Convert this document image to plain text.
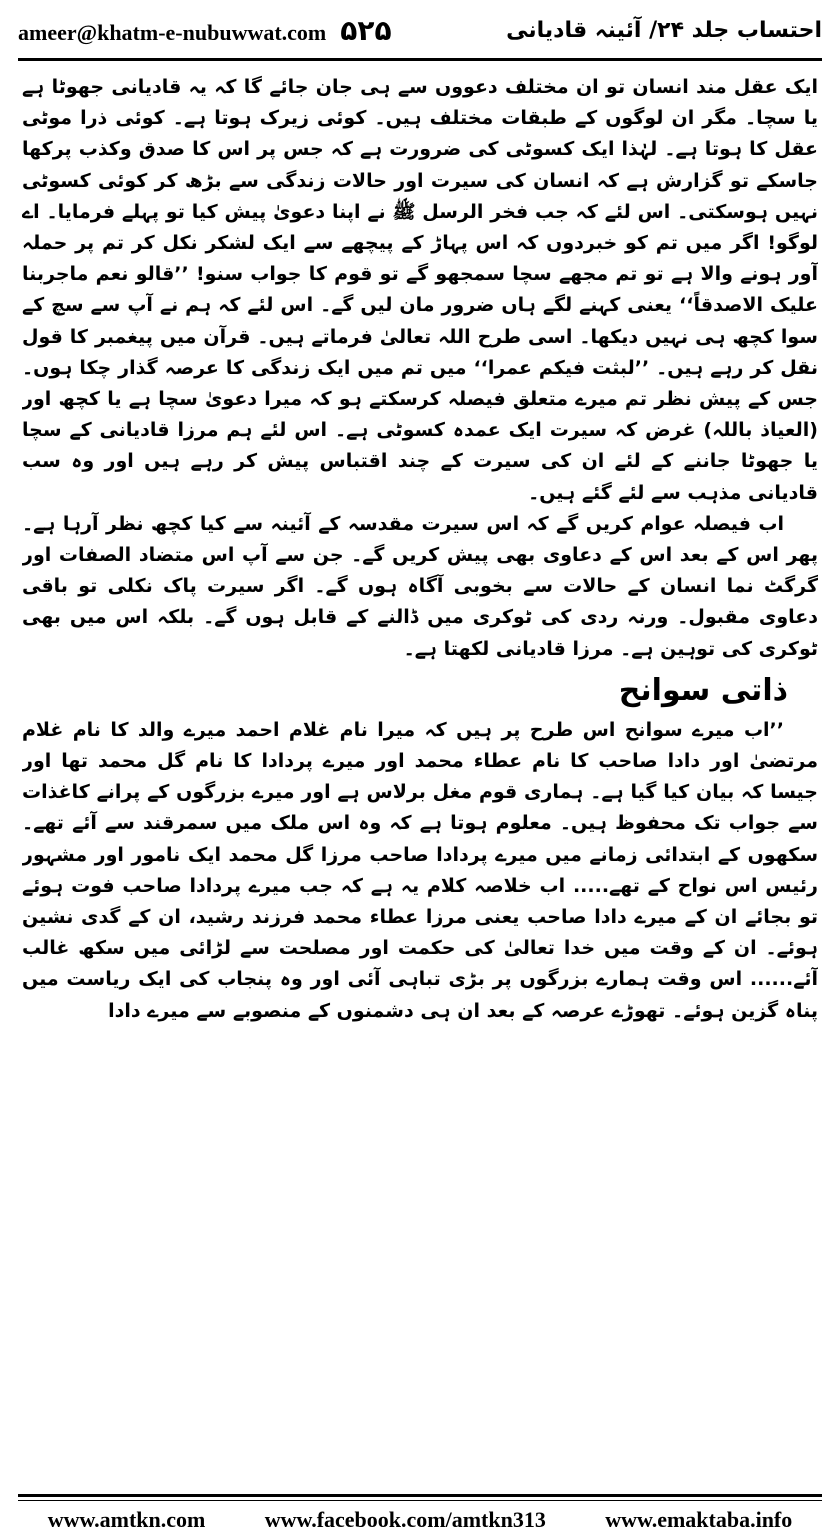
ameer@khatm-e-nubuwwat.com ۵۲۵	احتساب جلد ۲۴/ آئینہ قادیانی

ایک عقل مند انسان تو ان مختلف دعووں سے ہی جان جائے گا کہ یہ قادیانی جھوٹا ہے یا سچا۔ مگر ان لوگوں کے طبقات مختلف ہیں۔ کوئی زیرک ہوتا ہے۔ کوئی ذرا موٹی عقل کا ہوتا ہے۔ لہٰذا ایک کسوٹی کی ضرورت ہے کہ جس پر اس کا صدق وکذب پرکھا جاسکے تو گزارش ہے کہ انسان کی سیرت اور حالات زندگی سے بڑھ کر کوئی کسوٹی نہیں ہوسکتی۔ اس لئے کہ جب فخر الرسل ﷺ نے اپنا دعویٰ پیش کیا تو پہلے فرمایا۔ اے لوگو! اگر میں تم کو خبردوں کہ اس پہاڑ کے پیچھے سے ایک لشکر نکل کر تم پر حملہ آور ہونے والا ہے تو تم مجھے سچا سمجھو گے تو قوم کا جواب سنو! ’’قالو نعم ماجربنا علیک الاصدقاً‘‘ یعنی کہنے لگے ہاں ضرور مان لیں گے۔ اس لئے کہ ہم نے آپ سے سچ کے سوا کچھ ہی نہیں دیکھا۔ اسی طرح اللہ تعالیٰ فرماتے ہیں۔ قرآن میں پیغمبر کا قول نقل کر رہے ہیں۔ ’’لبثت فیکم عمرا‘‘ میں تم میں ایک زندگی کا عرصہ گذار چکا ہوں۔ جس کے پیش نظر تم میرے متعلق فیصلہ کرسکتے ہو کہ میرا دعویٰ سچا ہے یا کچھ اور (العیاذ باللہ) غرض کہ سیرت ایک عمدہ کسوٹی ہے۔ اس لئے ہم مرزا قادیانی کے سچا یا جھوٹا جاننے کے لئے ان کی سیرت کے چند اقتباس پیش کر رہے ہیں اور وہ سب قادیانی مذہب سے لئے گئے ہیں۔

اب فیصلہ عوام کریں گے کہ اس سیرت مقدسہ کے آئینہ سے کیا کچھ نظر آرہا ہے۔ پھر اس کے بعد اس کے دعاوی بھی پیش کریں گے۔ جن سے آپ اس متضاد الصفات اور گرگٹ نما انسان کے حالات سے بخوبی آگاہ ہوں گے۔ اگر سیرت پاک نکلی تو باقی دعاوی مقبول۔ ورنہ ردی کی ٹوکری میں ڈالنے کے قابل ہوں گے۔ بلکہ اس میں بھی ٹوکری کی توہین ہے۔ مرزا قادیانی لکھتا ہے۔

ذاتی سوانح

’’اب میرے سوانح اس طرح پر ہیں کہ میرا نام غلام احمد میرے والد کا نام غلام مرتضیٰ اور دادا صاحب کا نام عطاء محمد اور میرے پردادا کا نام گل محمد تھا اور جیسا کہ بیان کیا گیا ہے۔ ہماری قوم مغل برلاس ہے اور میرے بزرگوں کے پرانے کاغذات سے جواب تک محفوظ ہیں۔ معلوم ہوتا ہے کہ وہ اس ملک میں سمرقند سے آئے تھے۔ سکھوں کے ابتدائی زمانے میں میرے پردادا صاحب مرزا گل محمد ایک نامور اور مشہور رئیس اس نواح کے تھے..... اب خلاصہ کلام یہ ہے کہ جب میرے پردادا صاحب فوت ہوئے تو بجائے ان کے میرے دادا صاحب یعنی مرزا عطاء محمد فرزند رشید، ان کے گدی نشین ہوئے۔ ان کے وقت میں خدا تعالیٰ کی حکمت اور مصلحت سے لڑائی میں سکھ غالب آئے...... اس وقت ہمارے بزرگوں پر بڑی تباہی آئی اور وہ پنجاب کی ایک ریاست میں پناہ گزین ہوئے۔ تھوڑے عرصہ کے بعد ان ہی دشمنوں کے منصوبے سے میرے دادا

www.amtkn.com	www.facebook.com/amtkn313	www.emaktaba.info
